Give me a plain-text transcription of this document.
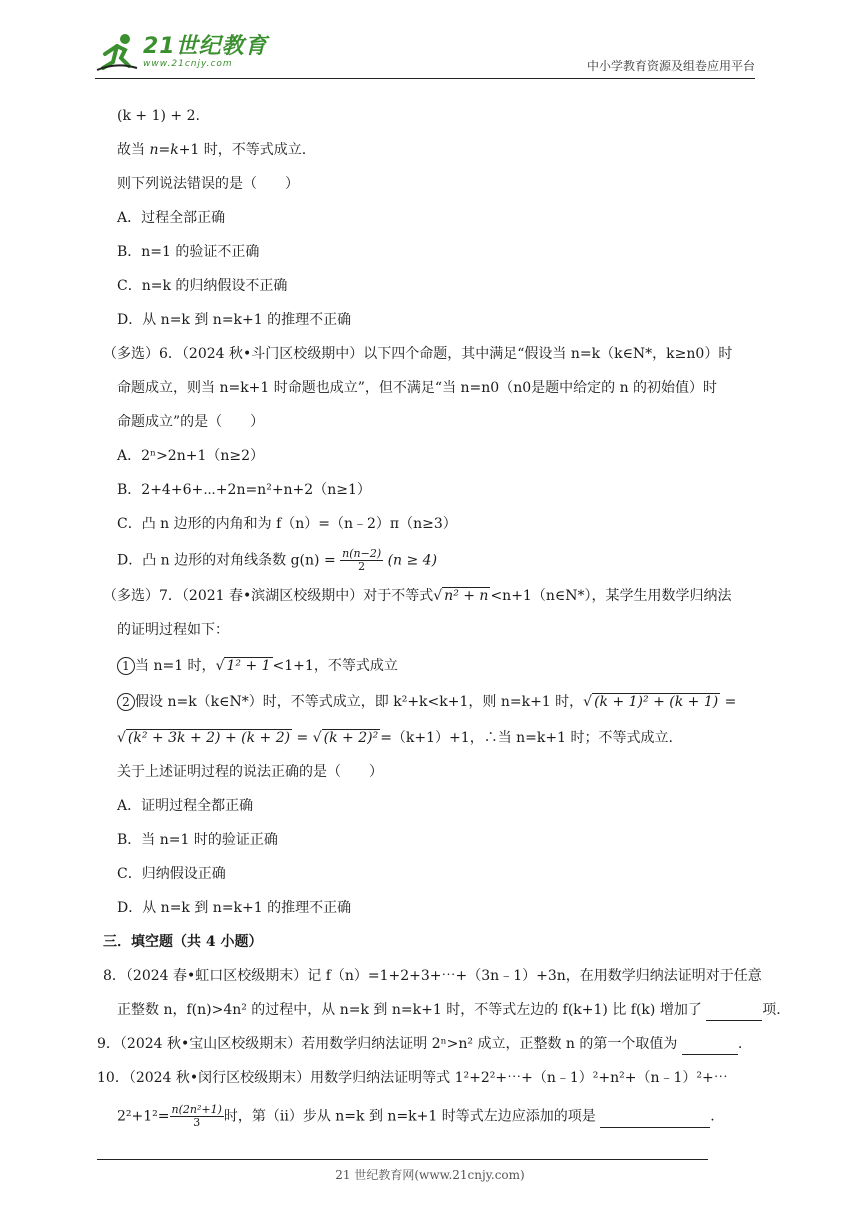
21世纪教育
www.21cnjy.com	中小学教育资源及组卷应用平台
(k + 1) + 2.
故当 n=k+1 时，不等式成立.
则下列说法错误的是（　　）
A．过程全部正确
B．n=1 的验证不正确
C．n=k 的归纳假设不正确
D．从 n=k 到 n=k+1 的推理不正确
（多选）6．（2024 秋•斗门区校级期中）以下四个命题，其中满足“假设当 n=k（k∈N*，k≥n0）时
命题成立，则当 n=k+1 时命题也成立”，但不满足“当 n=n0（n0是题中给定的 n 的初始值）时
命题成立”的是（　　）
A．2ⁿ>2n+1（n≥2）
B．2+4+6+⋯+2n=n²+n+2（n≥1）
C．凸 n 边形的内角和为 f（n）=（n﹣2）π（n≥3）
D．凸 n 边形的对角线条数 $g(n) = \frac{n(n-2)}{2} (n \ge 4)$
（多选）7．（2021 春•滨湖区校级期中）对于不等式√ n² + n <n+1（n∈N*），某学生用数学归纳法
的证明过程如下：
1 当 n=1 时，√ 1² + 1 <1+1，不等式成立
2 假设 n=k（k∈N*）时，不等式成立，即 k²+k<k+1，则 n=k+1 时，√ (k + 1)² + (k + 1) =
√ (k² + 3k + 2) + (k + 2) = √ (k + 2)² =（k+1）+1，∴当 n=k+1 时；不等式成立.
关于上述证明过程的说法正确的是（　　）
A．证明过程全都正确
B．当 n=1 时的验证正确
C．归纳假设正确
D．从 n=k 到 n=k+1 的推理不正确
三．填空题（共 4 小题）
8．（2024 春•虹口区校级期末）记 f（n）=1+2+3+⋯+（3n﹣1）+3n，在用数学归纳法证明对于任意
正整数 n，f(n)>4n² 的过程中，从 n=k 到 n=k+1 时，不等式左边的 f(k+1) 比 f(k) 增加了	项.
9．（2024 秋•宝山区校级期末）若用数学归纳法证明 2ⁿ>n² 成立，正整数 n 的第一个取值为	.
10．（2024 秋•闵行区校级期末）用数学归纳法证明等式 1²+2²+⋯+（n﹣1）²+n²+（n﹣1）²+⋯
$2^2+1^2= \frac{\text{n(2n²+1)}}{3}$ 时，第（ii）步从 n=k 到 n=k+1 时等式左边应添加的项是	.
21 世纪教育网(www.21cnjy.com)
